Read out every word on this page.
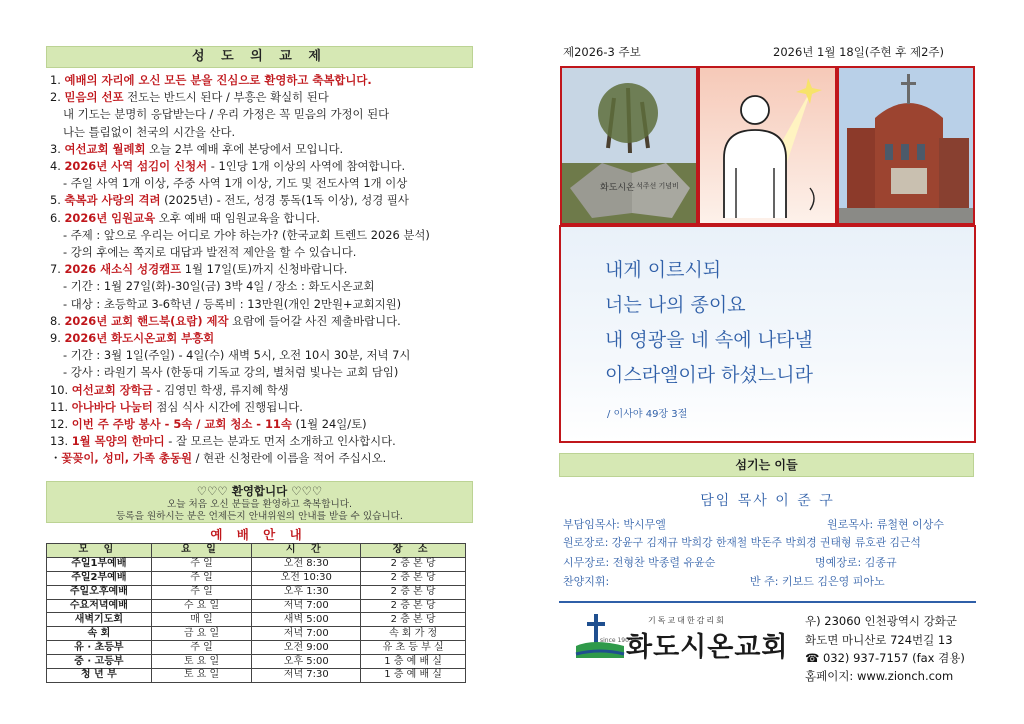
성 도 의 교 제
1. 예배의 자리에 오신 모든 분을 진심으로 환영하고 축복합니다.
2. 믿음의 선포 전도는 반드시 된다 / 부흥은 확실히 된다
내 기도는 분명히 응답받는다 / 우리 가정은 꼭 믿음의 가정이 된다
나는 틀림없이 천국의 시간을 산다.
3. 여선교회 월례회 오늘 2부 예배 후에 본당에서 모입니다.
4. 2026년 사역 섬김이 신청서 - 1인당 1개 이상의 사역에 참여합니다.
- 주일 사역 1개 이상, 주중 사역 1개 이상, 기도 및 전도사역 1개 이상
5. 축복과 사랑의 격려 (2025년) - 전도, 성경 통독(1독 이상), 성경 필사
6. 2026년 임원교육 오후 예배 때 임원교육을 합니다.
- 주제 : 앞으로 우리는 어디로 가야 하는가? (한국교회 트렌드 2026 분석)
- 강의 후에는 쪽지로 대답과 발전적 제안을 할 수 있습니다.
7. 2026 새소식 성경캠프 1월 17일(토)까지 신청바랍니다.
- 기간 : 1월 27일(화)-30일(금) 3박 4일 / 장소 : 화도시온교회
- 대상 : 초등학교 3-6학년 / 등록비 : 13만원(개인 2만원+교회지원)
8. 2026년 교회 핸드북(요람) 제작 요람에 들어갈 사진 제출바랍니다.
9. 2026년 화도시온교회 부흥회
- 기간 : 3월 1일(주일) - 4일(수) 새벽 5시, 오전 10시 30분, 저녁 7시
- 강사 : 라원기 목사 (한동대 기독교 강의, 별처럼 빛나는 교회 담임)
10. 여선교회 장학금 - 김영민 학생, 류지혜 학생
11. 아나바다 나눔터 점심 식사 시간에 진행됩니다.
12. 이번 주 주방 봉사 - 5속 / 교회 청소 - 11속 (1월 24일/토)
13. 1월 목양의 한마디 - 잘 모르는 분과도 먼저 소개하고 인사합시다.
・꽃꽂이, 성미, 가족 총동원 / 현관 신청란에 이름을 적어 주십시오.
♡♡♡ 환영합니다 ♡♡♡
오늘 처음 오신 분들을 환영하고 축복합니다.
등록을 원하시는 분은 언제든지 안내위원의 안내를 받을 수 있습니다.
예 배 안 내
모 임	요 일	시 간	장 소
주일1부예배	주 일	오전 8:30	2 층 본 당
주일2부예배	주 일	오전 10:30	2 층 본 당
주일오후예배	주 일	오후 1:30	2 층 본 당
수요저녁예배	수 요 일	저녁 7:00	2 층 본 당
새벽기도회	매 일	새벽 5:00	2 층 본 당
속 회	금 요 일	저녁 7:00	속 회 가 정
유 · 초등부	주 일	오전 9:00	유 초 등 부 실
중 · 고등부	토 요 일	오후 5:00	1 층 예 배 실
청 년 부	토 요 일	저녁 7:30	1 층 예 배 실
제2026-3 주보	2026년 1월 18일(주현 후 제2주)
화도시온 석주선 기념비
내게 이르시되
너는 나의 종이요
내 영광을 네 속에 나타낼
이스라엘이라 하셨느니라
/ 이사야 49장 3절
섬기는 이들
담임 목사 이 준 구
부담임목사: 박시무엘	원로목사: 류철현 이상수
원로장로: 강윤구 김재규 박희강 한재철 박돈주 박희경 권태형 류호관 김근석
시무장로: 전형찬 박종렬 유윤순	명예장로: 김종규
찬양지휘:	반 주: 키보드 김은영 피아노
since 1905
기독교대한감리회
화도시온교회
우) 23060 인천광역시 강화군
화도면 마니산로 724번길 13
☎ 032) 937-7157 (fax 겸용)
홈페이지: www.zionch.com
